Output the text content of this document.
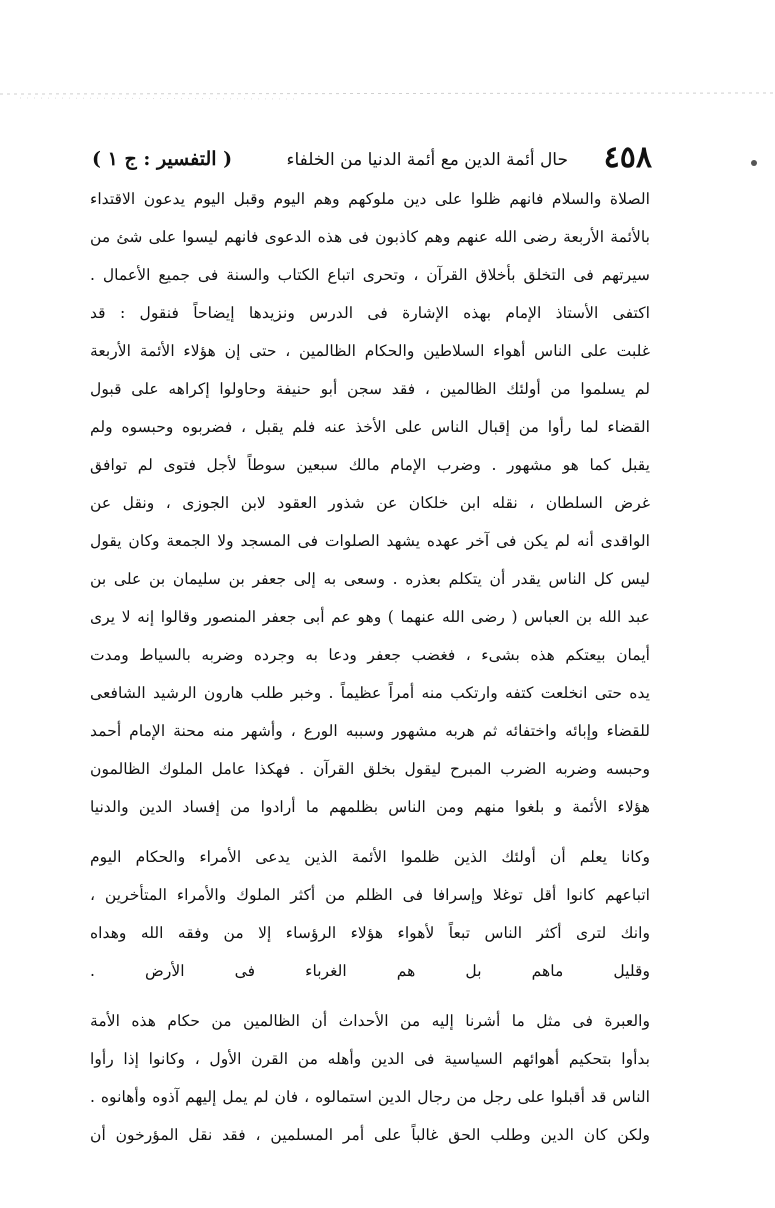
٤٥٨
حال أئمة الدين مع أئمة الدنيا من الخلفاء
( التفسير : ج ١ )
الصلاة والسلام فانهم ظلوا على دين ملوكهم وهم اليوم وقبل اليوم يدعون الاقتداء
بالأئمة الأربعة رضى الله عنهم وهم كاذبون فى هذه الدعوى فانهم ليسوا على شئ من
سيرتهم فى التخلق بأخلاق القرآن ، وتحرى اتباع الكتاب والسنة فى جميع الأعمال .
اكتفى الأستاذ الإمام بهذه الإشارة فى الدرس ونزيدها إيضاحاً فنقول : قد
غلبت على الناس أهواء السلاطين والحكام الظالمين ، حتى إن هؤلاء الأئمة الأربعة
لم يسلموا من أولئك الظالمين ، فقد سجن أبو حنيفة وحاولوا إكراهه على قبول
القضاء لما رأوا من إقبال الناس على الأخذ عنه فلم يقبل ، فضربوه وحبسوه ولم
يقبل كما هو مشهور . وضرب الإمام مالك سبعين سوطاً لأجل فتوى لم توافق
غرض السلطان ، نقله ابن خلكان عن شذور العقود لابن الجوزى ، ونقل عن
الواقدى أنه لم يكن فى آخر عهده يشهد الصلوات فى المسجد ولا الجمعة وكان يقول
ليس كل الناس يقدر أن يتكلم بعذره . وسعى به إلى جعفر بن سليمان بن على بن
عبد الله بن العباس ( رضى الله عنهما ) وهو عم أبى جعفر المنصور وقالوا إنه لا يرى
أيمان بيعتكم هذه بشىء ، فغضب جعفر ودعا به وجرده وضربه بالسياط ومدت
يده حتى انخلعت كتفه وارتكب منه أمراً عظيماً . وخبر طلب هارون الرشيد الشافعى
للقضاء وإبائه واختفائه ثم هربه مشهور وسببه الورع ، وأشهر منه محنة الإمام أحمد
وحبسه وضربه الضرب المبرح ليقول بخلق القرآن . فهكذا عامل الملوك الظالمون
هؤلاء الأئمة و بلغوا منهم ومن الناس بظلمهم ما أرادوا من إفساد الدين والدنيا
وكانا يعلم أن أولئك الذين ظلموا الأئمة الذين يدعى الأمراء والحكام اليوم
اتباعهم كانوا أقل توغلا وإسرافا فى الظلم من أكثر الملوك والأمراء المتأخرين ،
وانك لترى أكثر الناس تبعاً لأهواء هؤلاء الرؤساء إلا من وفقه الله وهداه
وقليل ماهم بل هم الغرباء فى الأرض .
والعبرة فى مثل ما أشرنا إليه من الأحداث أن الظالمين من حكام هذه الأمة
بدأوا بتحكيم أهوائهم السياسية فى الدين وأهله من القرن الأول ، وكانوا إذا رأوا
الناس قد أقبلوا على رجل من رجال الدين استمالوه ، فان لم يمل إليهم آذوه وأهانوه .
ولكن كان الدين وطلب الحق غالباً على أمر المسلمين ، فقد نقل المؤرخون أن
